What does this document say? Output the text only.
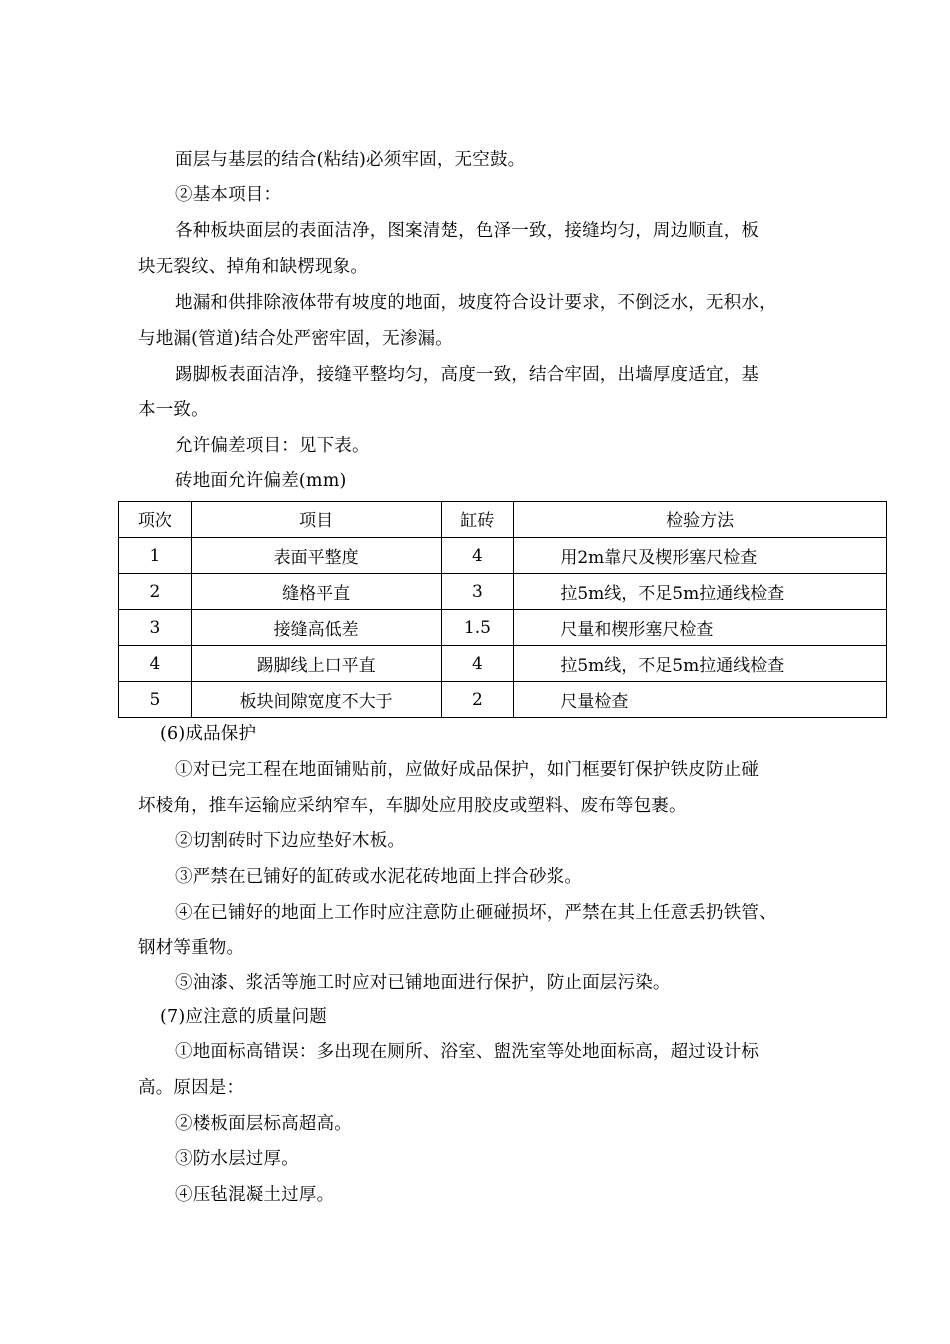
面层与基层的结合(粘结)必须牢固，无空鼓。
②基本项目：
各种板块面层的表面洁净，图案清楚，色泽一致，接缝均匀，周边顺直，板
块无裂纹、掉角和缺楞现象。
地漏和供排除液体带有坡度的地面，坡度符合设计要求，不倒泛水，无积水，
与地漏(管道)结合处严密牢固，无渗漏。
踢脚板表面洁净，接缝平整均匀，高度一致，结合牢固，出墙厚度适宜，基
本一致。
允许偏差项目：见下表。
砖地面允许偏差(mm)
项次	项目	缸砖	检验方法
1	表面平整度	4	用2m靠尺及楔形塞尺检查
2	缝格平直	3	拉5m线，不足5m拉通线检查
3	接缝高低差	1.5	尺量和楔形塞尺检查
4	踢脚线上口平直	4	拉5m线，不足5m拉通线检查
5	板块间隙宽度不大于	2	尺量检查
(6)成品保护
①对已完工程在地面铺贴前，应做好成品保护，如门框要钉保护铁皮防止碰
坏棱角，推车运输应采纳窄车，车脚处应用胶皮或塑料、废布等包裹。
②切割砖时下边应垫好木板。
③严禁在已铺好的缸砖或水泥花砖地面上拌合砂浆。
④在已铺好的地面上工作时应注意防止砸碰损坏，严禁在其上任意丢扔铁管、
钢材等重物。
⑤油漆、浆活等施工时应对已铺地面进行保护，防止面层污染。
(7)应注意的质量问题
①地面标高错误：多出现在厕所、浴室、盥洗室等处地面标高，超过设计标
高。原因是：
②楼板面层标高超高。
③防水层过厚。
④压毡混凝土过厚。
